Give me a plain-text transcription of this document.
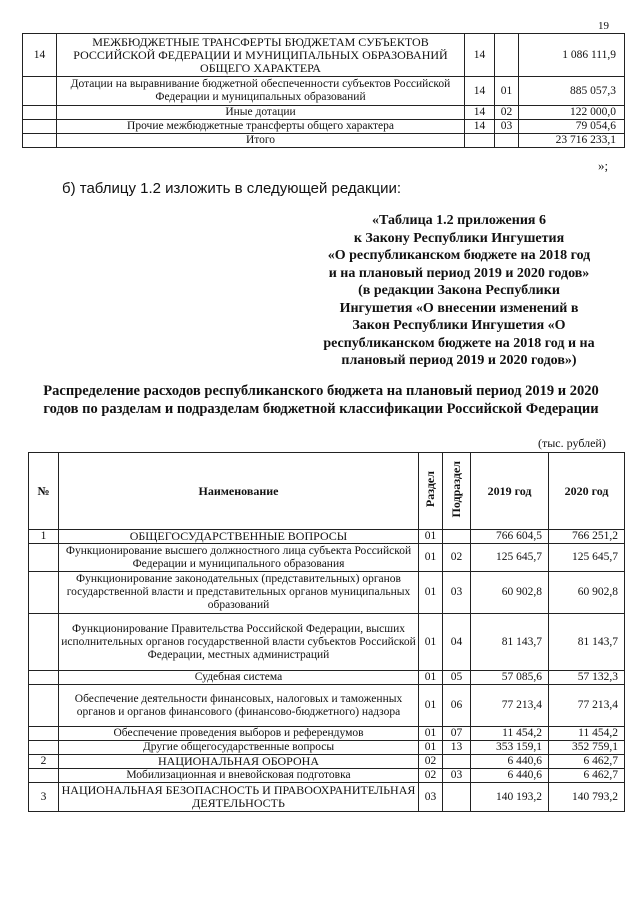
19
14	МЕЖБЮДЖЕТНЫЕ ТРАНСФЕРТЫ БЮДЖЕТАМ СУБЪЕКТОВ РОССИЙСКОЙ ФЕДЕРАЦИИ И МУНИЦИПАЛЬНЫХ ОБРАЗОВАНИЙ ОБЩЕГО ХАРАКТЕРА	14		1 086 111,9
	Дотации на выравнивание бюджетной обеспеченности субъектов Российской Федерации и муниципальных образований	14	01	885 057,3
	Иные дотации	14	02	122 000,0
	Прочие межбюджетные трансферты общего характера	14	03	79 054,6
	Итого			23 716 233,1
»;
б) таблицу 1.2 изложить в следующей редакции:
«Таблица 1.2 приложения 6
к Закону Республики Ингушетия
«О республиканском бюджете на 2018 год
и на плановый период 2019 и 2020 годов»
(в редакции Закона Республики
Ингушетия «О внесении изменений в
Закон Республики Ингушетия «О
республиканском бюджете на 2018 год и на
плановый период 2019 и 2020 годов»)
Распределение расходов республиканского бюджета на плановый период 2019 и 2020 годов по разделам и подразделам бюджетной классификации Российской Федерации
(тыс. рублей)
№	Наименование	Раздел	Подраздел	2019 год	2020 год
1	ОБЩЕГОСУДАРСТВЕННЫЕ ВОПРОСЫ	01		766 604,5	766 251,2
	Функционирование высшего должностного лица субъекта Российской Федерации и муниципального образования	01	02	125 645,7	125 645,7
	Функционирование законодательных (представительных) органов государственной власти и представительных органов муниципальных образований	01	03	60 902,8	60 902,8
	Функционирование Правительства Российской Федерации, высших исполнительных органов государственной власти субъектов Российской Федерации, местных администраций	01	04	81 143,7	81 143,7
	Судебная система	01	05	57 085,6	57 132,3
	Обеспечение деятельности финансовых, налоговых и таможенных органов и органов финансового (финансово-бюджетного) надзора	01	06	77 213,4	77 213,4
	Обеспечение проведения выборов и референдумов	01	07	11 454,2	11 454,2
	Другие общегосударственные вопросы	01	13	353 159,1	352 759,1
2	НАЦИОНАЛЬНАЯ ОБОРОНА	02		6 440,6	6 462,7
	Мобилизационная и вневойсковая подготовка	02	03	6 440,6	6 462,7
3	НАЦИОНАЛЬНАЯ БЕЗОПАСНОСТЬ И ПРАВООХРАНИТЕЛЬНАЯ ДЕЯТЕЛЬНОСТЬ	03		140 193,2	140 793,2
